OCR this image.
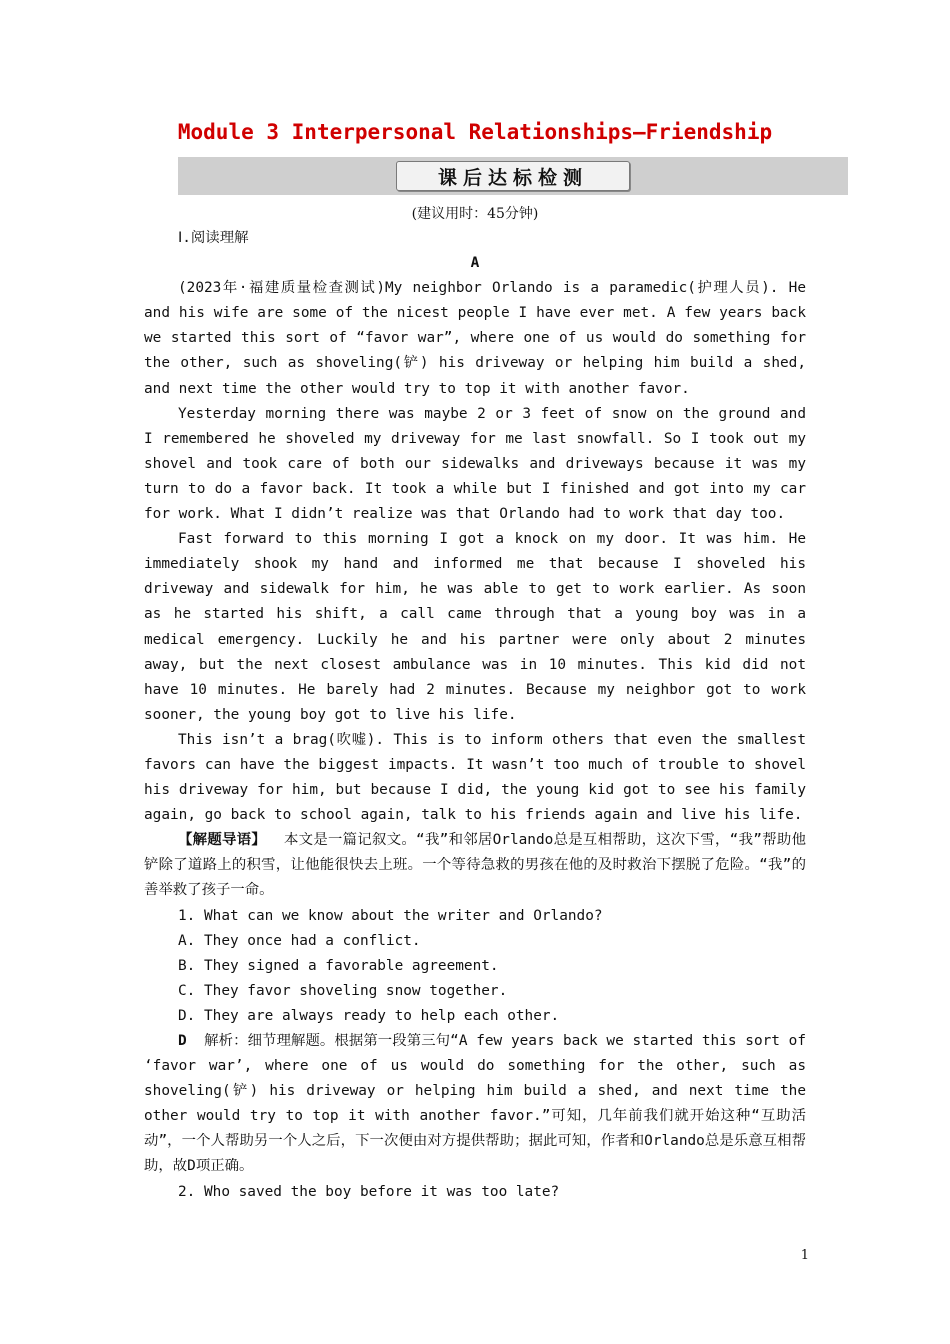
Module 3 Interpersonal Relationships—Friendship
课后达标检测
(建议用时：45分钟)

Ⅰ.阅读理解

A

(2023年·福建质量检查测试)My neighbor Orlando is a paramedic(护理人员). He and his wife are some of the nicest people I have ever met. A few years back we started this sort of “favor war”, where one of us would do something for the other, such as shoveling(铲) his driveway or helping him build a shed, and next time the other would try to top it with another favor.

Yesterday morning there was maybe 2 or 3 feet of snow on the ground and I remembered he shoveled my driveway for me last snowfall. So I took out my shovel and took care of both our sidewalks and driveways because it was my turn to do a favor back. It took a while but I finished and got into my car for work. What I didn’t realize was that Orlando had to work that day too.

Fast forward to this morning I got a knock on my door. It was him. He immediately shook my hand and informed me that because I shoveled his driveway and sidewalk for him, he was able to get to work earlier. As soon as he started his shift, a call came through that a young boy was in a medical emergency. Luckily he and his partner were only about 2 minutes away, but the next closest ambulance was in 10 minutes. This kid did not have 10 minutes. He barely had 2 minutes. Because my neighbor got to work sooner, the young boy got to live his life.

This isn’t a brag(吹嘘). This is to inform others that even the smallest favors can have the biggest impacts. It wasn’t too much of trouble to shovel his driveway for him, but because I did, the young kid got to see his family again, go back to school again, talk to his friends again and live his life.

【解题导语】 本文是一篇记叙文。“我”和邻居Orlando总是互相帮助，这次下雪，“我”帮助他铲除了道路上的积雪，让他能很快去上班。一个等待急救的男孩在他的及时救治下摆脱了危险。“我”的善举救了孩子一命。

1. What can we know about the writer and Orlando?

A. They once had a conflict.

B. They signed a favorable agreement.

C. They favor shoveling snow together.

D. They are always ready to help each other.

D 解析：细节理解题。根据第一段第三句“A few years back we started this sort of ‘favor war’, where one of us would do something for the other, such as shoveling(铲) his driveway or helping him build a shed, and next time the other would try to top it with another favor.”可知，几年前我们就开始这种“互助活动”，一个人帮助另一个人之后，下一次便由对方提供帮助；据此可知，作者和Orlando总是乐意互相帮助，故D项正确。

2. Who saved the boy before it was too late?

1
